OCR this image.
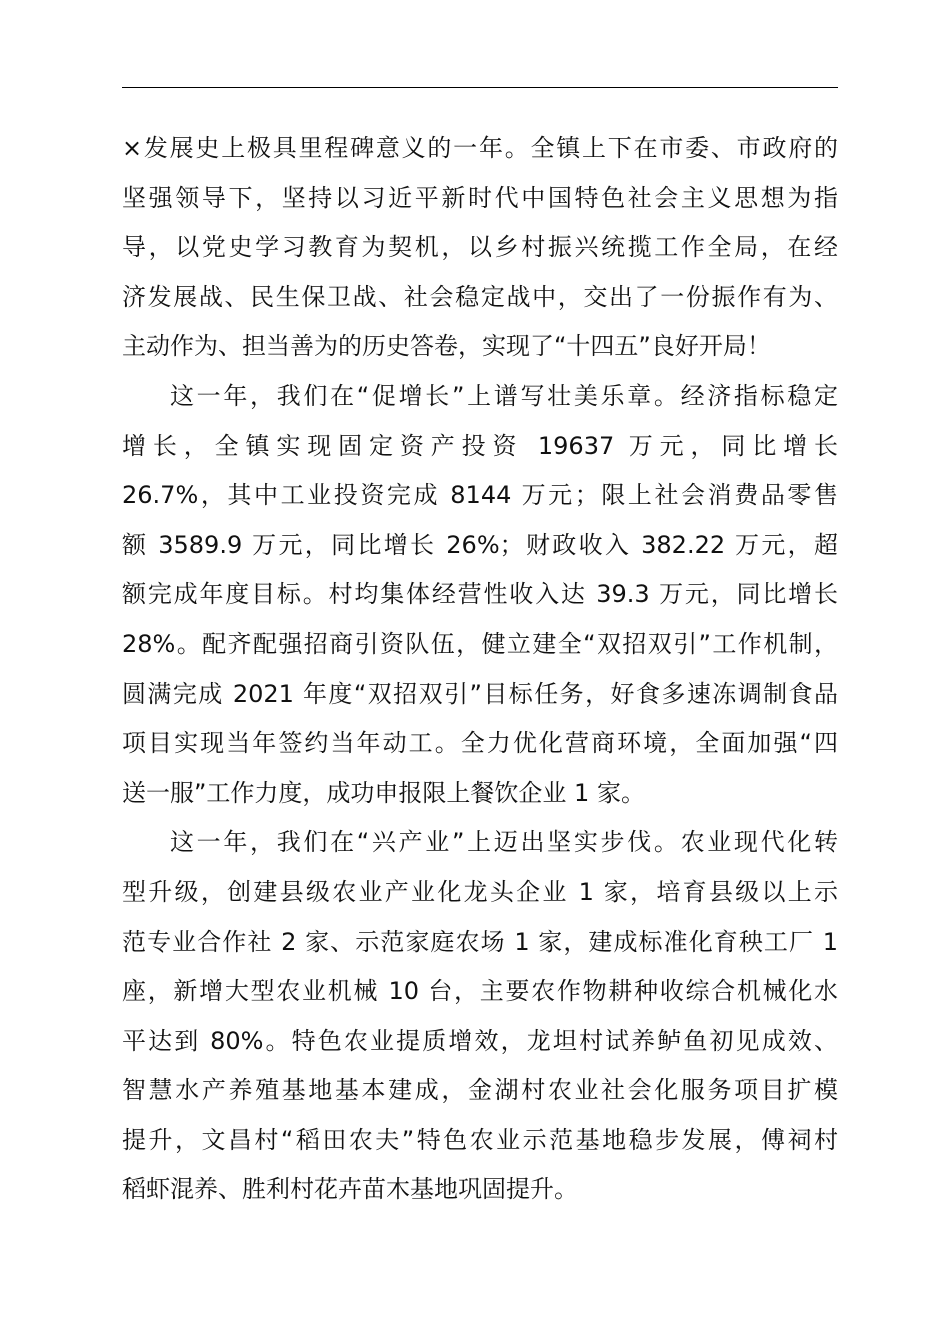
×发展史上极具里程碑意义的一年。全镇上下在市委、市政府的
坚强领导下，坚持以习近平新时代中国特色社会主义思想为指
导，以党史学习教育为契机，以乡村振兴统揽工作全局，在经
济发展战、民生保卫战、社会稳定战中，交出了一份振作有为、
主动作为、担当善为的历史答卷，实现了“十四五”良好开局！
这一年，我们在“促增长”上谱写壮美乐章。经济指标稳定
增长，全镇实现固定资产投资 19637 万元，同比增长
26.7%，其中工业投资完成 8144 万元；限上社会消费品零售
额 3589.9 万元，同比增长 26%；财政收入 382.22 万元，超
额完成年度目标。村均集体经营性收入达 39.3 万元，同比增长
28%。配齐配强招商引资队伍，健立建全“双招双引”工作机制，
圆满完成 2021 年度“双招双引”目标任务，好食多速冻调制食品
项目实现当年签约当年动工。全力优化营商环境，全面加强“四
送一服”工作力度，成功申报限上餐饮企业 1 家。
这一年，我们在“兴产业”上迈出坚实步伐。农业现代化转
型升级，创建县级农业产业化龙头企业 1 家，培育县级以上示
范专业合作社 2 家、示范家庭农场 1 家，建成标准化育秧工厂 1
座，新增大型农业机械 10 台，主要农作物耕种收综合机械化水
平达到 80%。特色农业提质增效，龙坦村试养鲈鱼初见成效、
智慧水产养殖基地基本建成，金湖村农业社会化服务项目扩模
提升，文昌村“稻田农夫”特色农业示范基地稳步发展，傅祠村
稻虾混养、胜利村花卉苗木基地巩固提升。
